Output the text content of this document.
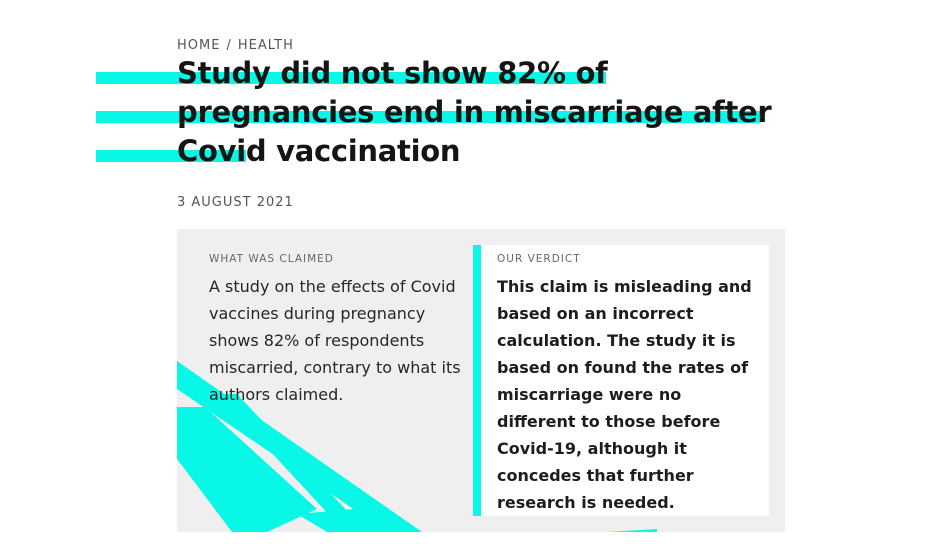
HOME / HEALTH
Study did not show 82% of pregnancies end in miscarriage after Covid vaccination
3 AUGUST 2021
WHAT WAS CLAIMED
A study on the effects of Covid vaccines during pregnancy shows 82% of respondents miscarried, contrary to what its authors claimed.
OUR VERDICT
This claim is misleading and based on an incorrect calculation. The study it is based on found the rates of miscarriage were no different to those before Covid-19, although it concedes that further research is needed.
